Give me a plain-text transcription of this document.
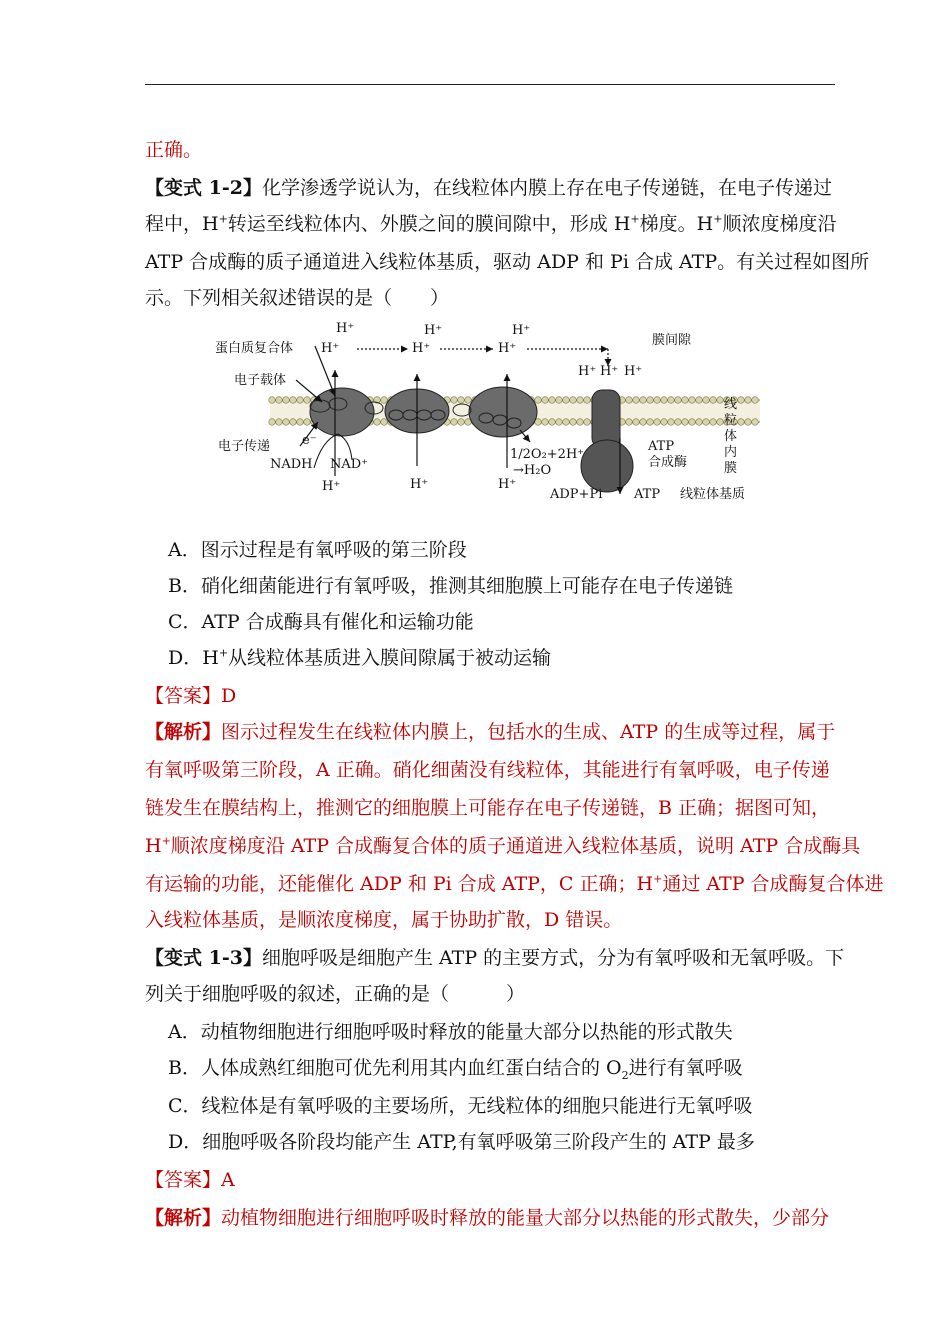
正确。
【变式 1-2】化学渗透学说认为，在线粒体内膜上存在电子传递链，在电子传递过
程中，H+转运至线粒体内、外膜之间的膜间隙中，形成 H+梯度。H+顺浓度梯度沿
ATP 合成酶的质子通道进入线粒体基质，驱动 ADP 和 Pi 合成 ATP。有关过程如图所
示。下列相关叙述错误的是（　　）
H⁺
H⁺
H⁺
H⁺
H⁺
H⁺
H⁺ H⁺ H⁺
H⁺	H⁺	H⁺
蛋白质复合体
电子载体
e⁻
电子传递
NADH NAD⁺
膜间隙
1/2O₂+2H⁺
→H₂O
ATP
合成酶
ADP+Pi ATP 线粒体基质
线
粒
体
内
膜
A．图示过程是有氧呼吸的第三阶段
B．硝化细菌能进行有氧呼吸，推测其细胞膜上可能存在电子传递链
C．ATP 合成酶具有催化和运输功能
D．H+从线粒体基质进入膜间隙属于被动运输
【答案】D
【解析】图示过程发生在线粒体内膜上，包括水的生成、ATP 的生成等过程，属于
有氧呼吸第三阶段，A 正确。硝化细菌没有线粒体，其能进行有氧呼吸，电子传递
链发生在膜结构上，推测它的细胞膜上可能存在电子传递链，B 正确；据图可知，
H+顺浓度梯度沿 ATP 合成酶复合体的质子通道进入线粒体基质，说明 ATP 合成酶具
有运输的功能，还能催化 ADP 和 Pi 合成 ATP，C 正确；H+通过 ATP 合成酶复合体进
入线粒体基质，是顺浓度梯度，属于协助扩散，D 错误。
【变式 1-3】细胞呼吸是细胞产生 ATP 的主要方式，分为有氧呼吸和无氧呼吸。下
列关于细胞呼吸的叙述，正确的是（　　　）
A．动植物细胞进行细胞呼吸时释放的能量大部分以热能的形式散失
B．人体成熟红细胞可优先利用其内血红蛋白结合的 $O_2$进行有氧呼吸
C．线粒体是有氧呼吸的主要场所，无线粒体的细胞只能进行无氧呼吸
D．细胞呼吸各阶段均能产生 ATP,有氧呼吸第三阶段产生的 ATP 最多
【答案】A
【解析】动植物细胞进行细胞呼吸时释放的能量大部分以热能的形式散失，少部分
